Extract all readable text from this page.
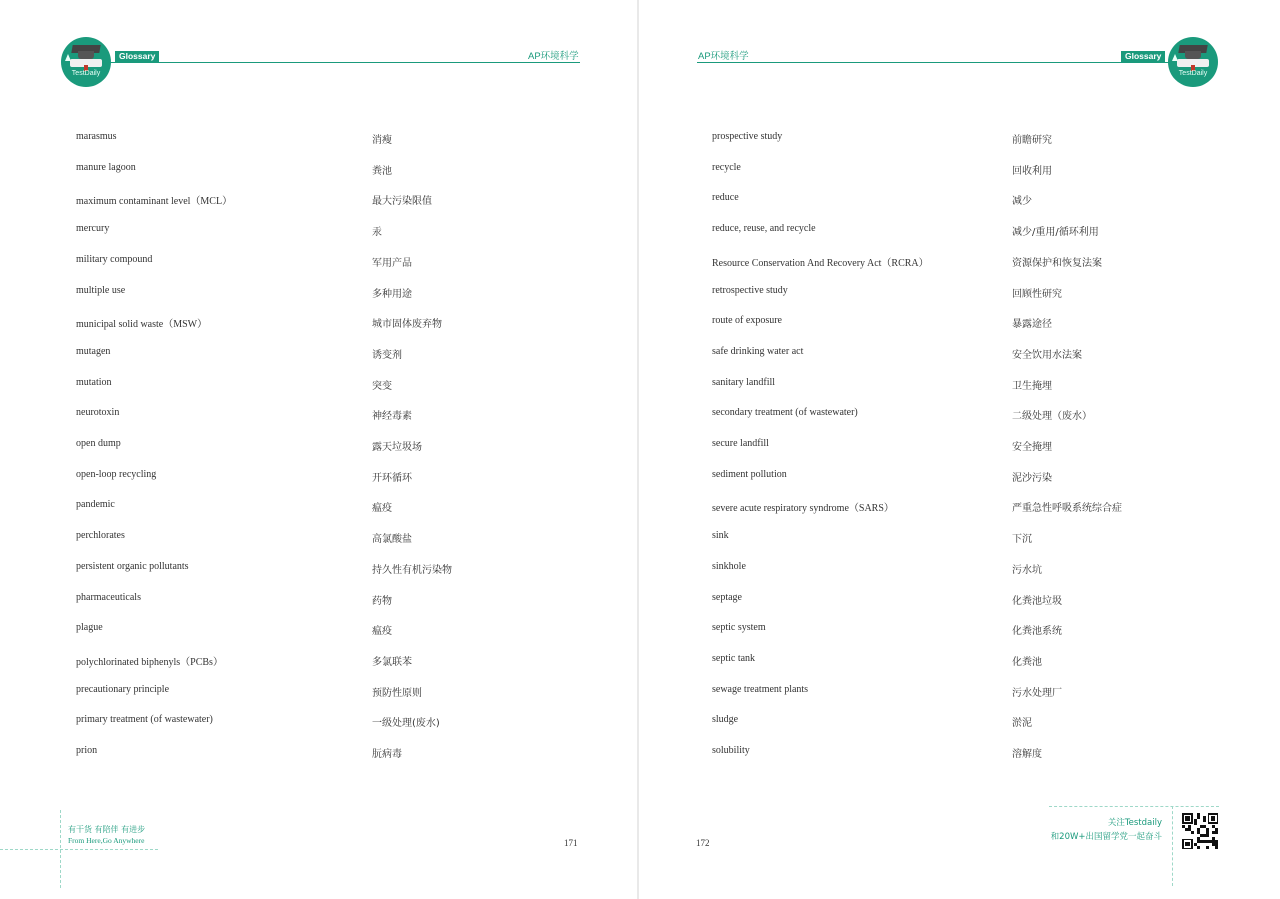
TestDaily
Glossary	AP环境科学
marasmus	消瘦
manure lagoon	粪池
maximum contaminant level（MCL）	最大污染限值
mercury	汞
military compound	军用产品
multiple use	多种用途
municipal solid waste（MSW）	城市固体废弃物
mutagen	诱变剂
mutation	突变
neurotoxin	神经毒素
open dump	露天垃圾场
open-loop recycling	开环循环
pandemic	瘟疫
perchlorates	高氯酸盐
persistent organic pollutants	持久性有机污染物
pharmaceuticals	药物
plague	瘟疫
polychlorinated biphenyls（PCBs）	多氯联苯
precautionary principle	预防性原则
primary treatment (of wastewater)	一级处理(废水)
prion	朊病毒
有干货 有陪伴 有进步
From Here,Go Anywhere	171
AP环境科学	Glossary
TestDaily
prospective study	前瞻研究
recycle	回收利用
reduce	减少
reduce, reuse, and recycle	减少/重用/循环利用
Resource Conservation And Recovery Act（RCRA）	资源保护和恢复法案
retrospective study	回顾性研究
route of exposure	暴露途径
safe drinking water act	安全饮用水法案
sanitary landfill	卫生掩埋
secondary treatment (of wastewater)	二级处理（废水）
secure landfill	安全掩埋
sediment pollution	泥沙污染
severe acute respiratory syndrome（SARS）	严重急性呼吸系统综合症
sink	下沉
sinkhole	污水坑
septage	化粪池垃圾
septic system	化粪池系统
septic tank	化粪池
sewage treatment plants	污水处理厂
sludge	淤泥
solubility	溶解度
关注Testdaily
和20W+出国留学党一起奋斗
172
